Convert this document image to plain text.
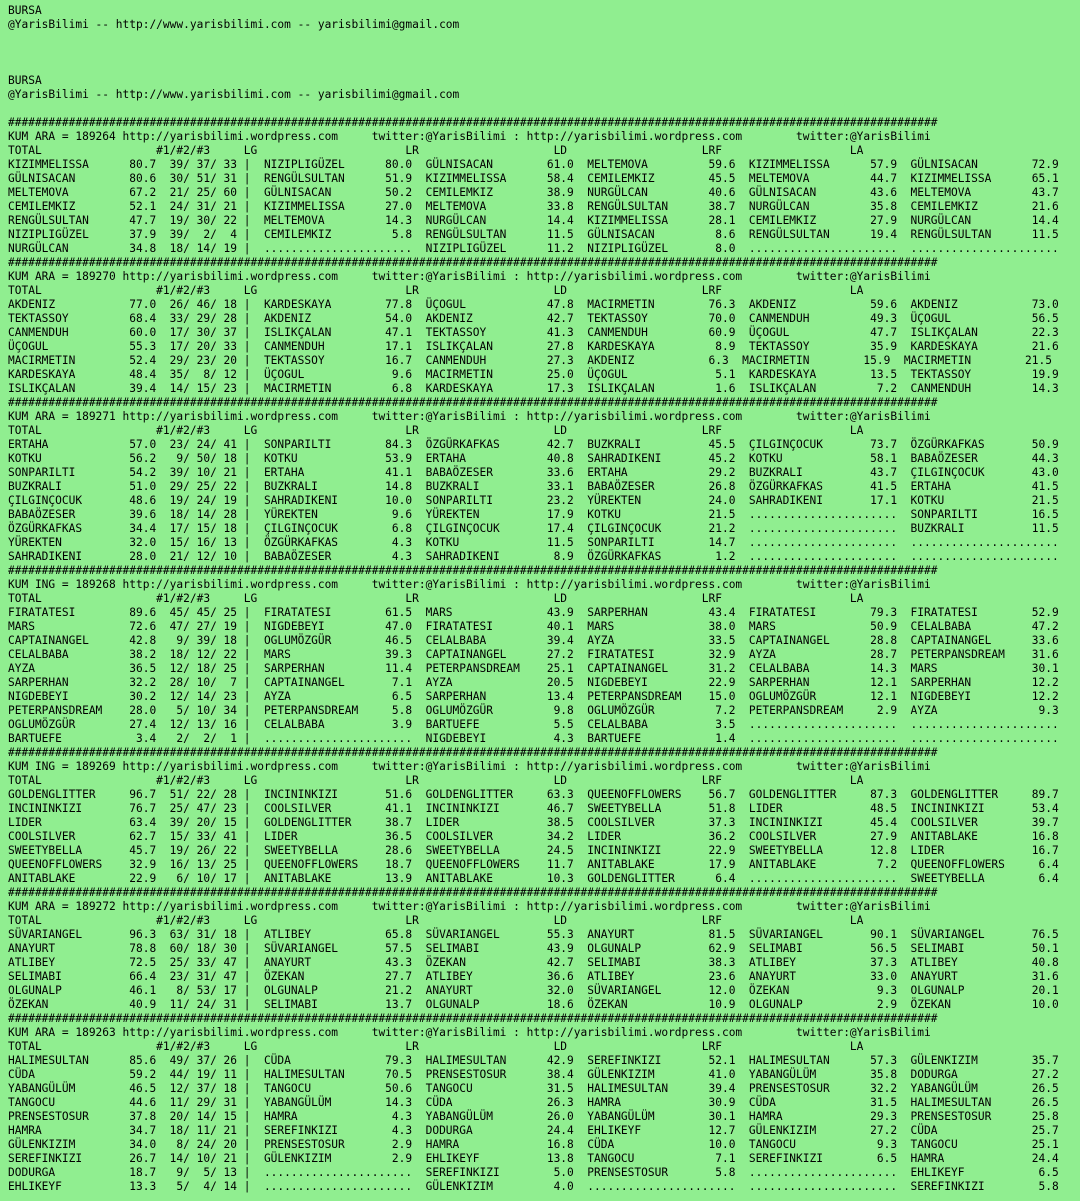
BURSA
@YarisBilimi -- http://www.yarisbilimi.com -- yarisbilimi@gmail.com
BURSA
@YarisBilimi -- http://www.yarisbilimi.com -- yarisbilimi@gmail.com
##########################################################################################################################################
KUM ARA = 189264 http://yarisbilimi.wordpress.com     twitter:@YarisBilimi : http://yarisbilimi.wordpress.com        twitter:@YarisBilimi
TOTAL                 #1/#2/#3     LG                      LR                    LD                    LRF                   LA
KIZIMMELISSA      80.7  39/ 37/ 33 |  NIZIPLIGÜZEL      80.0  GÜLNISACAN        61.0  MELTEMOVA         59.6  KIZIMMELISSA      57.9  GÜLNISACAN        72.9
GÜLNISACAN        80.6  30/ 51/ 31 |  RENGÜLSULTAN      51.9  KIZIMMELISSA      58.4  CEMILEMKIZ        45.5  MELTEMOVA         44.7  KIZIMMELISSA      65.1
MELTEMOVA         67.2  21/ 25/ 60 |  GÜLNISACAN        50.2  CEMILEMKIZ        38.9  NURGÜLCAN         40.6  GÜLNISACAN        43.6  MELTEMOVA         43.7
CEMILEMKIZ        52.1  24/ 31/ 21 |  KIZIMMELISSA      27.0  MELTEMOVA         33.8  RENGÜLSULTAN      38.7  NURGÜLCAN         35.8  CEMILEMKIZ        21.6
RENGÜLSULTAN      47.7  19/ 30/ 22 |  MELTEMOVA         14.3  NURGÜLCAN         14.4  KIZIMMELISSA      28.1  CEMILEMKIZ        27.9  NURGÜLCAN         14.4
NIZIPLIGÜZEL      37.9  39/  2/  4 |  CEMILEMKIZ         5.8  RENGÜLSULTAN      11.5  GÜLNISACAN         8.6  RENGÜLSULTAN      19.4  RENGÜLSULTAN      11.5
NURGÜLCAN         34.8  18/ 14/ 19 |  ......................  NIZIPLIGÜZEL      11.2  NIZIPLIGÜZEL       8.0  ......................  ......................
##########################################################################################################################################
KUM ARA = 189270 http://yarisbilimi.wordpress.com     twitter:@YarisBilimi : http://yarisbilimi.wordpress.com        twitter:@YarisBilimi
TOTAL                 #1/#2/#3     LG                      LR                    LD                    LRF                   LA
AKDENIZ           77.0  26/ 46/ 18 |  KARDESKAYA        77.8  ÜÇOGUL            47.8  MACIRMETIN        76.3  AKDENIZ           59.6  AKDENIZ           73.0
TEKTASSOY         68.4  33/ 29/ 28 |  AKDENIZ           54.0  AKDENIZ           42.7  TEKTASSOY         70.0  CANMENDUH         49.3  ÜÇOGUL            56.5
CANMENDUH         60.0  17/ 30/ 37 |  ISLIKÇALAN        47.1  TEKTASSOY         41.3  CANMENDUH         60.9  ÜÇOGUL            47.7  ISLIKÇALAN        22.3
ÜÇOGUL            55.3  17/ 20/ 33 |  CANMENDUH         17.1  ISLIKÇALAN        27.8  KARDESKAYA         8.9  TEKTASSOY         35.9  KARDESKAYA        21.6
MACIRMETIN        52.4  29/ 23/ 20 |  TEKTASSOY         16.7  CANMENDUH         27.3  AKDENIZ           6.3  MACIRMETIN        15.9  MACIRMETIN        21.5
KARDESKAYA        48.4  35/  8/ 12 |  ÜÇOGUL             9.6  MACIRMETIN        25.0  ÜÇOGUL             5.1  KARDESKAYA        13.5  TEKTASSOY         19.9
ISLIKÇALAN        39.4  14/ 15/ 23 |  MACIRMETIN         6.8  KARDESKAYA        17.3  ISLIKÇALAN         1.6  ISLIKÇALAN         7.2  CANMENDUH         14.3
##########################################################################################################################################
KUM ARA = 189271 http://yarisbilimi.wordpress.com     twitter:@YarisBilimi : http://yarisbilimi.wordpress.com        twitter:@YarisBilimi
TOTAL                 #1/#2/#3     LG                      LR                    LD                    LRF                   LA
ERTAHA            57.0  23/ 24/ 41 |  SONPARILTI        84.3  ÖZGÜRKAFKAS       42.7  BUZKRALI          45.5  ÇILGINÇOCUK       73.7  ÖZGÜRKAFKAS       50.9
KOTKU             56.2   9/ 50/ 18 |  KOTKU             53.9  ERTAHA            40.8  SAHRADIKENI       45.2  KOTKU             58.1  BABAÖZESER        44.3
SONPARILTI        54.2  39/ 10/ 21 |  ERTAHA            41.1  BABAÖZESER        33.6  ERTAHA            29.2  BUZKRALI          43.7  ÇILGINÇOCUK       43.0
BUZKRALI          51.0  29/ 25/ 22 |  BUZKRALI          14.8  BUZKRALI          33.1  BABAÖZESER        26.8  ÖZGÜRKAFKAS       41.5  ERTAHA            41.5
ÇILGINÇOCUK       48.6  19/ 24/ 19 |  SAHRADIKENI       10.0  SONPARILTI        23.2  YÜREKTEN          24.0  SAHRADIKENI       17.1  KOTKU             21.5
BABAÖZESER        39.6  18/ 14/ 28 |  YÜREKTEN           9.6  YÜREKTEN          17.9  KOTKU             21.5  ......................  SONPARILTI        16.5
ÖZGÜRKAFKAS       34.4  17/ 15/ 18 |  ÇILGINÇOCUK        6.8  ÇILGINÇOCUK       17.4  ÇILGINÇOCUK       21.2  ......................  BUZKRALI          11.5
YÜREKTEN          32.0  15/ 16/ 13 |  ÖZGÜRKAFKAS        4.3  KOTKU             11.5  SONPARILTI        14.7  ......................  ......................
SAHRADIKENI       28.0  21/ 12/ 10 |  BABAÖZESER         4.3  SAHRADIKENI        8.9  ÖZGÜRKAFKAS        1.2  ......................  ......................
##########################################################################################################################################
KUM ING = 189268 http://yarisbilimi.wordpress.com     twitter:@YarisBilimi : http://yarisbilimi.wordpress.com        twitter:@YarisBilimi
TOTAL                 #1/#2/#3     LG                      LR                    LD                    LRF                   LA
FIRATATESI        89.6  45/ 45/ 25 |  FIRATATESI        61.5  MARS              43.9  SARPERHAN         43.4  FIRATATESI        79.3  FIRATATESI        52.9
MARS              72.6  47/ 27/ 19 |  NIGDEBEYI         47.0  FIRATATESI        40.1  MARS              38.0  MARS              50.9  CELALBABA         47.2
CAPTAINANGEL      42.8   9/ 39/ 18 |  OGLUMÖZGÜR        46.5  CELALBABA         39.4  AYZA              33.5  CAPTAINANGEL      28.8  CAPTAINANGEL      33.6
CELALBABA         38.2  18/ 12/ 22 |  MARS              39.3  CAPTAINANGEL      27.2  FIRATATESI        32.9  AYZA              28.7  PETERPANSDREAM    31.6
AYZA              36.5  12/ 18/ 25 |  SARPERHAN         11.4  PETERPANSDREAM    25.1  CAPTAINANGEL      31.2  CELALBABA         14.3  MARS              30.1
SARPERHAN         32.2  28/ 10/  7 |  CAPTAINANGEL       7.1  AYZA              20.5  NIGDEBEYI         22.9  SARPERHAN         12.1  SARPERHAN         12.2
NIGDEBEYI         30.2  12/ 14/ 23 |  AYZA               6.5  SARPERHAN         13.4  PETERPANSDREAM    15.0  OGLUMÖZGÜR        12.1  NIGDEBEYI         12.2
PETERPANSDREAM    28.0   5/ 10/ 34 |  PETERPANSDREAM     5.8  OGLUMÖZGÜR         9.8  OGLUMÖZGÜR         7.2  PETERPANSDREAM     2.9  AYZA               9.3
OGLUMÖZGÜR        27.4  12/ 13/ 16 |  CELALBABA          3.9  BARTUEFE           5.5  CELALBABA          3.5  ......................  ......................
BARTUEFE           3.4   2/  2/  1 |  ......................  NIGDEBEYI          4.3  BARTUEFE           1.4  ......................  ......................
##########################################################################################################################################
KUM ING = 189269 http://yarisbilimi.wordpress.com     twitter:@YarisBilimi : http://yarisbilimi.wordpress.com        twitter:@YarisBilimi
TOTAL                 #1/#2/#3     LG                      LR                    LD                    LRF                   LA
GOLDENGLITTER     96.7  51/ 22/ 28 |  INCININKIZI       51.6  GOLDENGLITTER     63.3  QUEENOFFLOWERS    56.7  GOLDENGLITTER     87.3  GOLDENGLITTER     89.7
INCININKIZI       76.7  25/ 47/ 23 |  COOLSILVER        41.1  INCININKIZI       46.7  SWEETYBELLA       51.8  LIDER             48.5  INCININKIZI       53.4
LIDER             63.4  39/ 20/ 15 |  GOLDENGLITTER     38.7  LIDER             38.5  COOLSILVER        37.3  INCININKIZI       45.4  COOLSILVER        39.7
COOLSILVER        62.7  15/ 33/ 41 |  LIDER             36.5  COOLSILVER        34.2  LIDER             36.2  COOLSILVER        27.9  ANITABLAKE        16.8
SWEETYBELLA       45.7  19/ 26/ 22 |  SWEETYBELLA       28.6  SWEETYBELLA       24.5  INCININKIZI       22.9  SWEETYBELLA       12.8  LIDER             16.7
QUEENOFFLOWERS    32.9  16/ 13/ 25 |  QUEENOFFLOWERS    18.7  QUEENOFFLOWERS    11.7  ANITABLAKE        17.9  ANITABLAKE         7.2  QUEENOFFLOWERS     6.4
ANITABLAKE        22.9   6/ 10/ 17 |  ANITABLAKE        13.9  ANITABLAKE        10.3  GOLDENGLITTER      6.4  ......................  SWEETYBELLA        6.4
##########################################################################################################################################
KUM ARA = 189272 http://yarisbilimi.wordpress.com     twitter:@YarisBilimi : http://yarisbilimi.wordpress.com        twitter:@YarisBilimi
TOTAL                 #1/#2/#3     LG                      LR                    LD                    LRF                   LA
SÜVARIANGEL       96.3  63/ 31/ 18 |  ATLIBEY           65.8  SÜVARIANGEL       55.3  ANAYURT           81.5  SÜVARIANGEL       90.1  SÜVARIANGEL       76.5
ANAYURT           78.8  60/ 18/ 30 |  SÜVARIANGEL       57.5  SELIMABI          43.9  OLGUNALP          62.9  SELIMABI          56.5  SELIMABI          50.1
ATLIBEY           72.5  25/ 33/ 47 |  ANAYURT           43.3  ÖZEKAN            42.7  SELIMABI          38.3  ATLIBEY           37.3  ATLIBEY           40.8
SELIMABI          66.4  23/ 31/ 47 |  ÖZEKAN            27.7  ATLIBEY           36.6  ATLIBEY           23.6  ANAYURT           33.0  ANAYURT           31.6
OLGUNALP          46.1   8/ 53/ 17 |  OLGUNALP          21.2  ANAYURT           32.0  SÜVARIANGEL       12.0  ÖZEKAN             9.3  OLGUNALP          20.1
ÖZEKAN            40.9  11/ 24/ 31 |  SELIMABI          13.7  OLGUNALP          18.6  ÖZEKAN            10.9  OLGUNALP           2.9  ÖZEKAN            10.0
##########################################################################################################################################
KUM ARA = 189263 http://yarisbilimi.wordpress.com     twitter:@YarisBilimi : http://yarisbilimi.wordpress.com        twitter:@YarisBilimi
TOTAL                 #1/#2/#3     LG                      LR                    LD                    LRF                   LA
HALIMESULTAN      85.6  49/ 37/ 26 |  CÜDA              79.3  HALIMESULTAN      42.9  SEREFINKIZI       52.1  HALIMESULTAN      57.3  GÜLENKIZIM        35.7
CÜDA              59.2  44/ 19/ 11 |  HALIMESULTAN      70.5  PRENSESTOSUR      38.4  GÜLENKIZIM        41.0  YABANGÜLÜM        35.8  DODURGA           27.2
YABANGÜLÜM        46.5  12/ 37/ 18 |  TANGOCU           50.6  TANGOCU           31.5  HALIMESULTAN      39.4  PRENSESTOSUR      32.2  YABANGÜLÜM        26.5
TANGOCU           44.6  11/ 29/ 31 |  YABANGÜLÜM        14.3  CÜDA              26.3  HAMRA             30.9  CÜDA              31.5  HALIMESULTAN      26.5
PRENSESTOSUR      37.8  20/ 14/ 15 |  HAMRA              4.3  YABANGÜLÜM        26.0  YABANGÜLÜM        30.1  HAMRA             29.3  PRENSESTOSUR      25.8
HAMRA             34.7  18/ 11/ 21 |  SEREFINKIZI        4.3  DODURGA           24.4  EHLIKEYF          12.7  GÜLENKIZIM        27.2  CÜDA              25.7
GÜLENKIZIM        34.0   8/ 24/ 20 |  PRENSESTOSUR       2.9  HAMRA             16.8  CÜDA              10.0  TANGOCU            9.3  TANGOCU           25.1
SEREFINKIZI       26.7  14/ 10/ 21 |  GÜLENKIZIM         2.9  EHLIKEYF          13.8  TANGOCU            7.1  SEREFINKIZI        6.5  HAMRA             24.4
DODURGA           18.7   9/  5/ 13 |  ......................  SEREFINKIZI        5.0  PRENSESTOSUR       5.8  ......................  EHLIKEYF           6.5
EHLIKEYF          13.3   5/  4/ 14 |  ......................  GÜLENKIZIM         4.0  ......................  ......................  SEREFINKIZI        5.8
